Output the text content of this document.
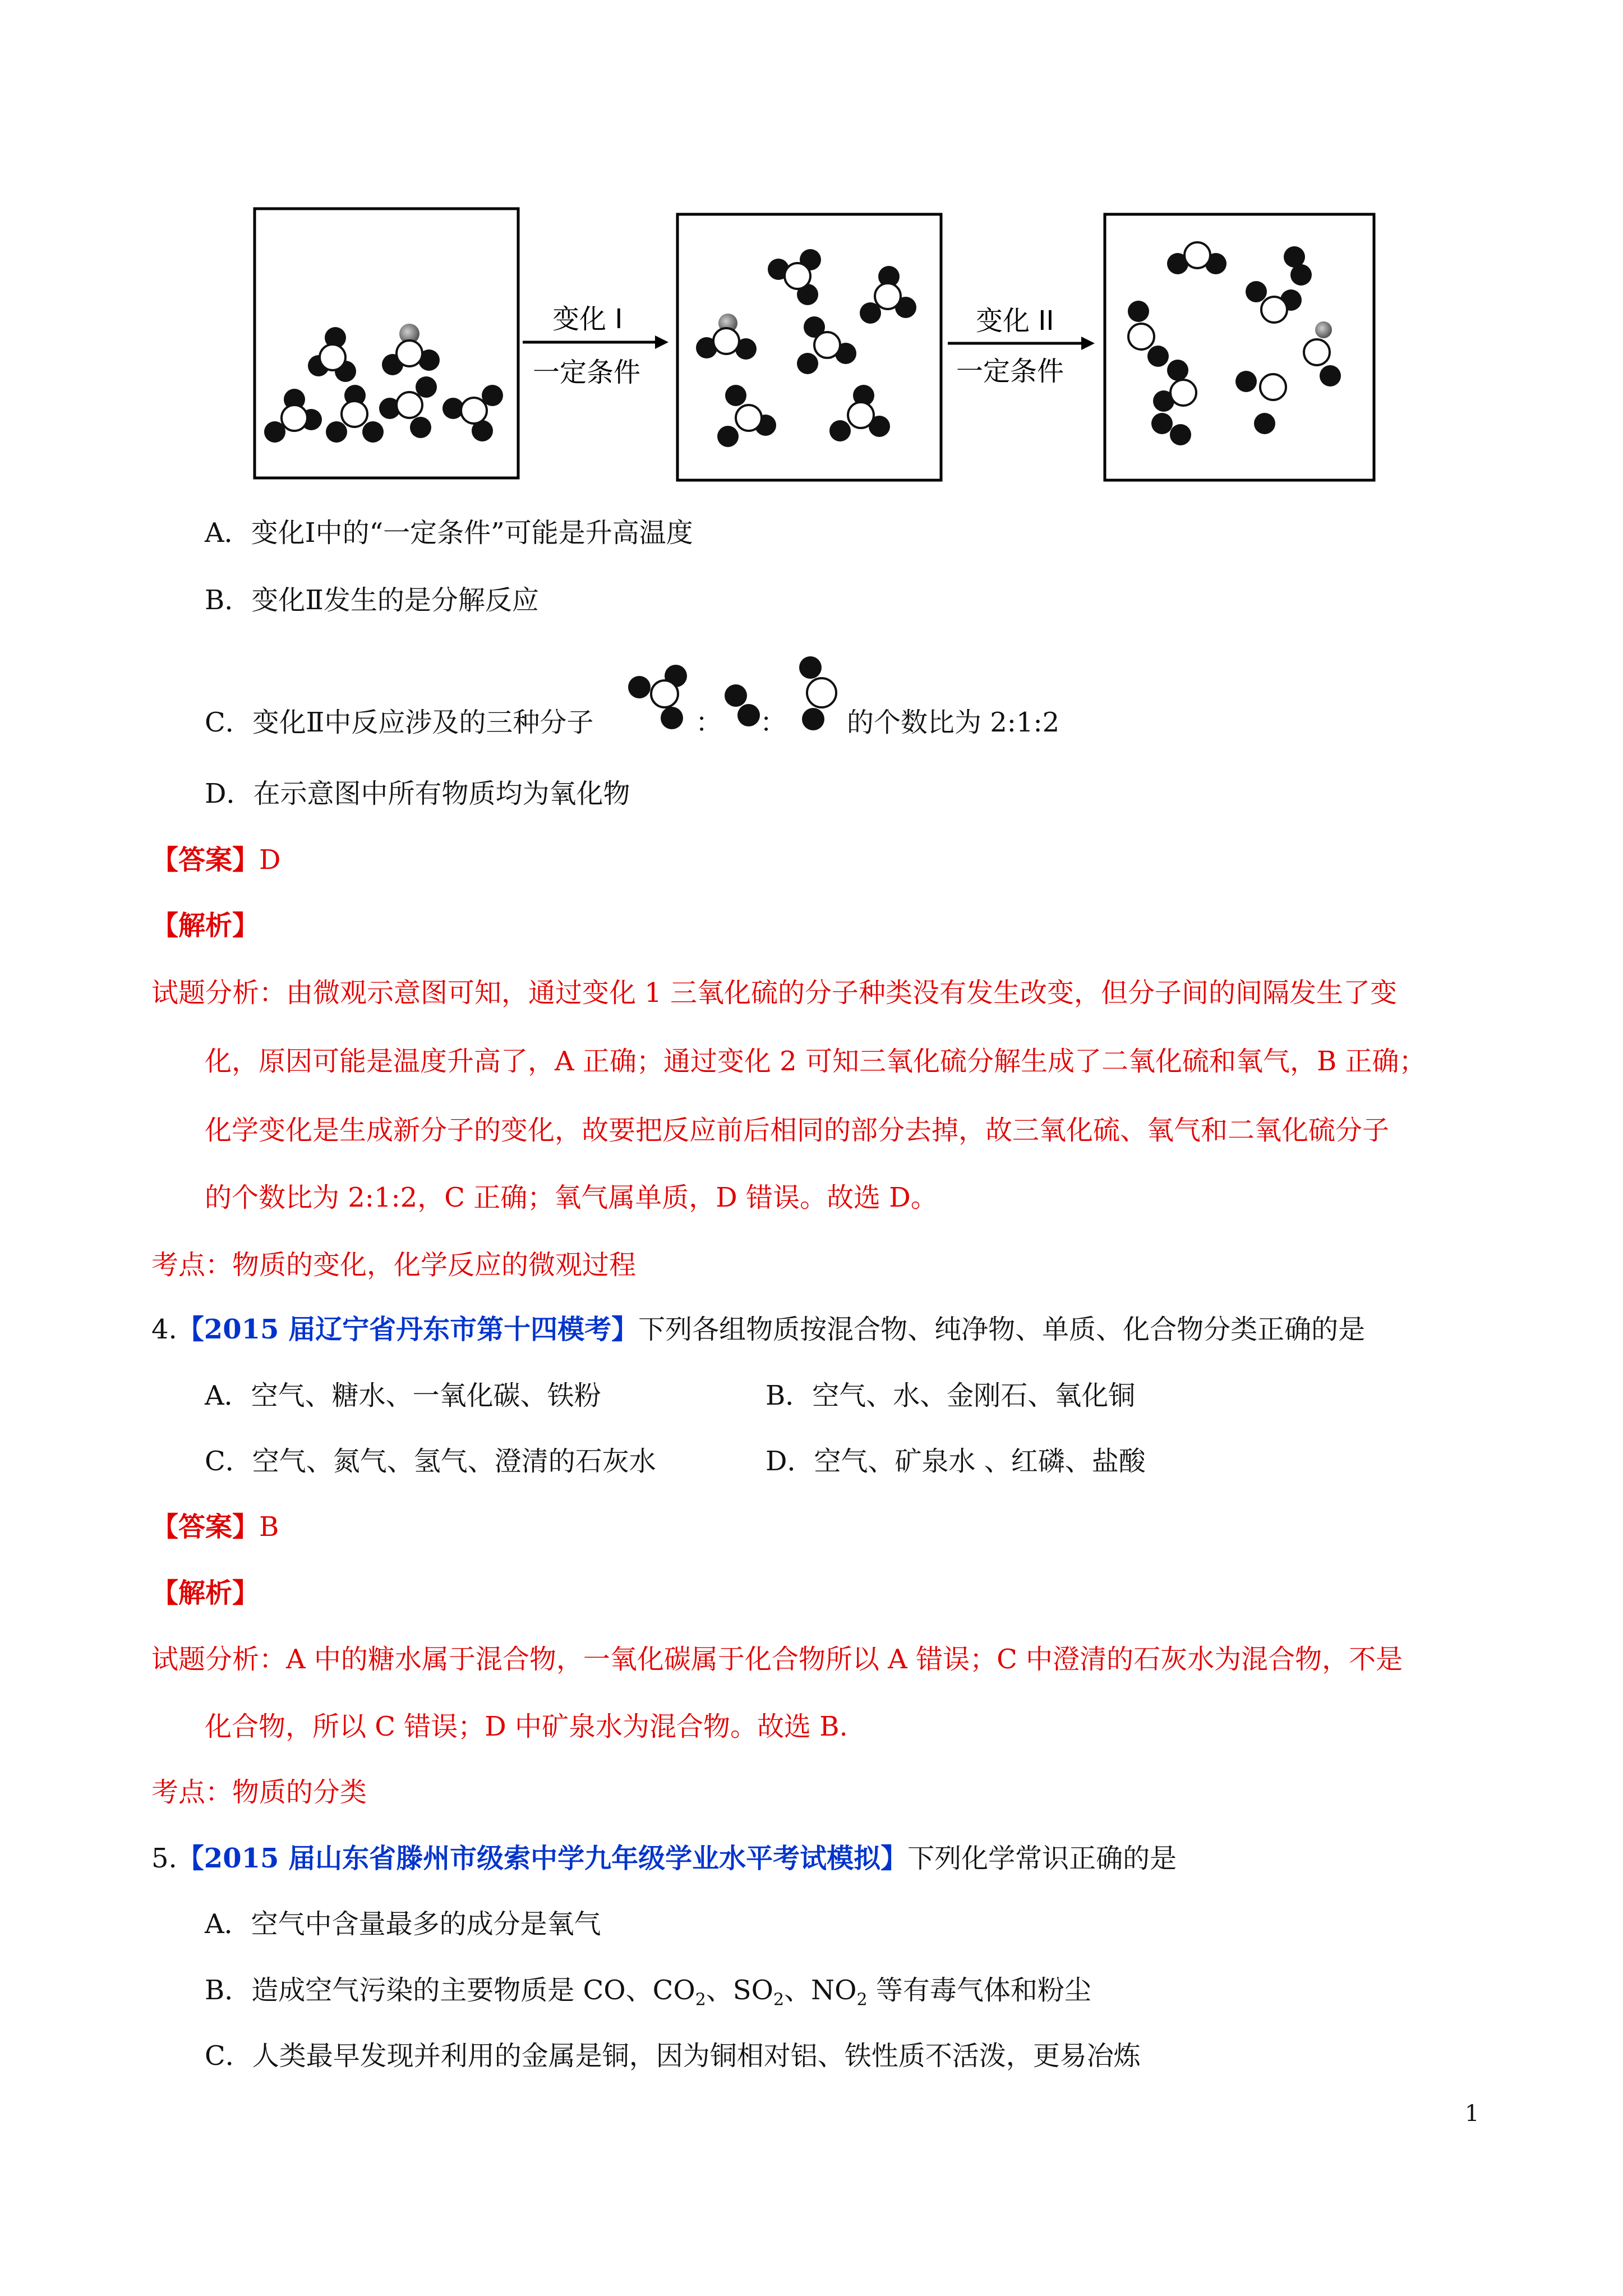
变化 I
一定条件
变化 II
一定条件
A．变化Ⅰ中的“一定条件”可能是升高温度
B．变化Ⅱ发生的是分解反应
C．变化Ⅱ中反应涉及的三种分子	： ： 的个数比为 2:1:2
D．在示意图中所有物质均为氧化物
【答案】D
【解析】
试题分析：由微观示意图可知，通过变化 1 三氧化硫的分子种类没有发生改变，但分子间的间隔发生了变
化，原因可能是温度升高了，A 正确；通过变化 2 可知三氧化硫分解生成了二氧化硫和氧气，B 正确；
化学变化是生成新分子的变化，故要把反应前后相同的部分去掉，故三氧化硫、氧气和二氧化硫分子
的个数比为 2:1:2，C 正确；氧气属单质，D 错误。故选 D。
考点：物质的变化，化学反应的微观过程
4.【2015 届辽宁省丹东市第十四模考】下列各组物质按混合物、纯净物、单质、化合物分类正确的是
A．空气、糖水、一氧化碳、铁粉	B．空气、水、金刚石、氧化铜
C．空气、氮气、氢气、澄清的石灰水	D．空气、矿泉水 、红磷、盐酸
【答案】B
【解析】
试题分析：A 中的糖水属于混合物，一氧化碳属于化合物所以 A 错误；C 中澄清的石灰水为混合物，不是
化合物，所以 C 错误；D 中矿泉水为混合物。故选 B.
考点：物质的分类
5.【2015 届山东省滕州市级索中学九年级学业水平考试模拟】下列化学常识正确的是
A．空气中含量最多的成分是氧气
B．造成空气污染的主要物质是 CO、$CO_2$、$SO_2$、$NO_2$ 等有毒气体和粉尘
C．人类最早发现并利用的金属是铜，因为铜相对铝、铁性质不活泼，更易冶炼
1
